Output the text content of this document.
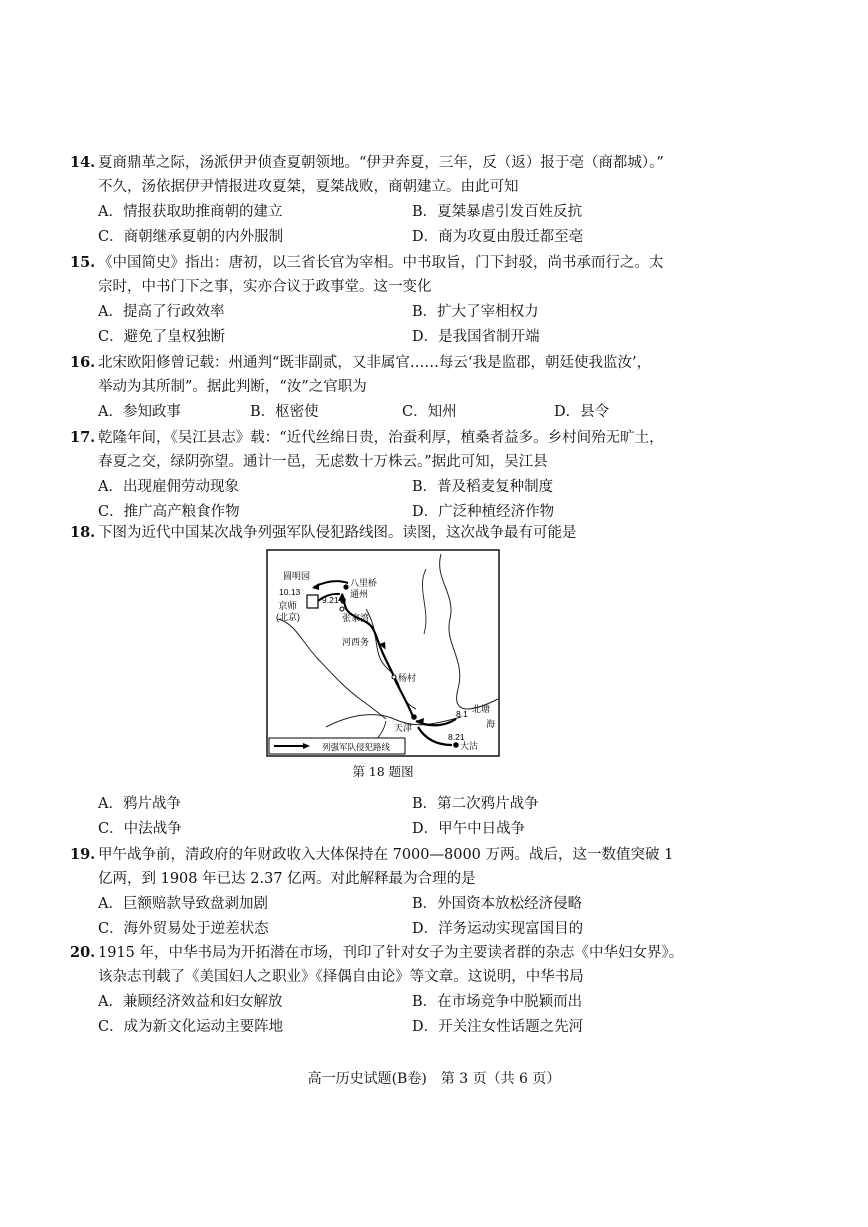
14. 夏商鼎革之际，汤派伊尹侦查夏朝领地。“伊尹奔夏，三年，反（返）报于亳（商都城）。”
不久，汤依据伊尹情报进攻夏桀，夏桀战败，商朝建立。由此可知
A．情报获取助推商朝的建立	B．夏桀暴虐引发百姓反抗
C．商朝继承夏朝的内外服制	D．商为攻夏由殷迁都至亳
15. 《中国简史》指出：唐初，以三省长官为宰相。中书取旨，门下封驳，尚书承而行之。太
宗时，中书门下之事，实亦合议于政事堂。这一变化
A．提高了行政效率	B．扩大了宰相权力
C．避免了皇权独断	D．是我国省制开端
16. 北宋欧阳修曾记载：州通判“既非副贰，又非属官……每云‘我是监郡，朝廷使我监汝’，
举动为其所制”。据此判断，“汝”之官职为
A．参知政事	B．枢密使	C．知州	D．县令
17. 乾隆年间，《吴江县志》载：“近代丝绵日贵，治蚕利厚，植桑者益多。乡村间殆无旷土，
春夏之交，绿阴弥望。通计一邑，无虑数十万株云。”据此可知，吴江县
A．出现雇佣劳动现象	B．普及稻麦复种制度
C．推广高产粮食作物	D．广泛种植经济作物
18. 下图为近代中国某次战争列强军队侵犯路线图。读图，这次战争最有可能是
圆明园
八里桥
通州
10.13
9.21
京师
(北京)	张家湾
河西务
杨村
天津
8.1 北塘
海
8.21
大沽
列强军队侵犯路线
第 18 题图
A．鸦片战争	B．第二次鸦片战争
C．中法战争	D．甲午中日战争
19. 甲午战争前，清政府的年财政收入大体保持在 7000—8000 万两。战后，这一数值突破 1
亿两，到 1908 年已达 2.37 亿两。对此解释最为合理的是
A．巨额赔款导致盘剥加剧	B．外国资本放松经济侵略
C．海外贸易处于逆差状态	D．洋务运动实现富国目的
20. 1915 年，中华书局为开拓潜在市场，刊印了针对女子为主要读者群的杂志《中华妇女界》。
该杂志刊载了《美国妇人之职业》《择偶自由论》等文章。这说明，中华书局
A．兼顾经济效益和妇女解放	B．在市场竞争中脱颖而出
C．成为新文化运动主要阵地	D．开关注女性话题之先河
高一历史试题(B卷)　第 3 页（共 6 页）
